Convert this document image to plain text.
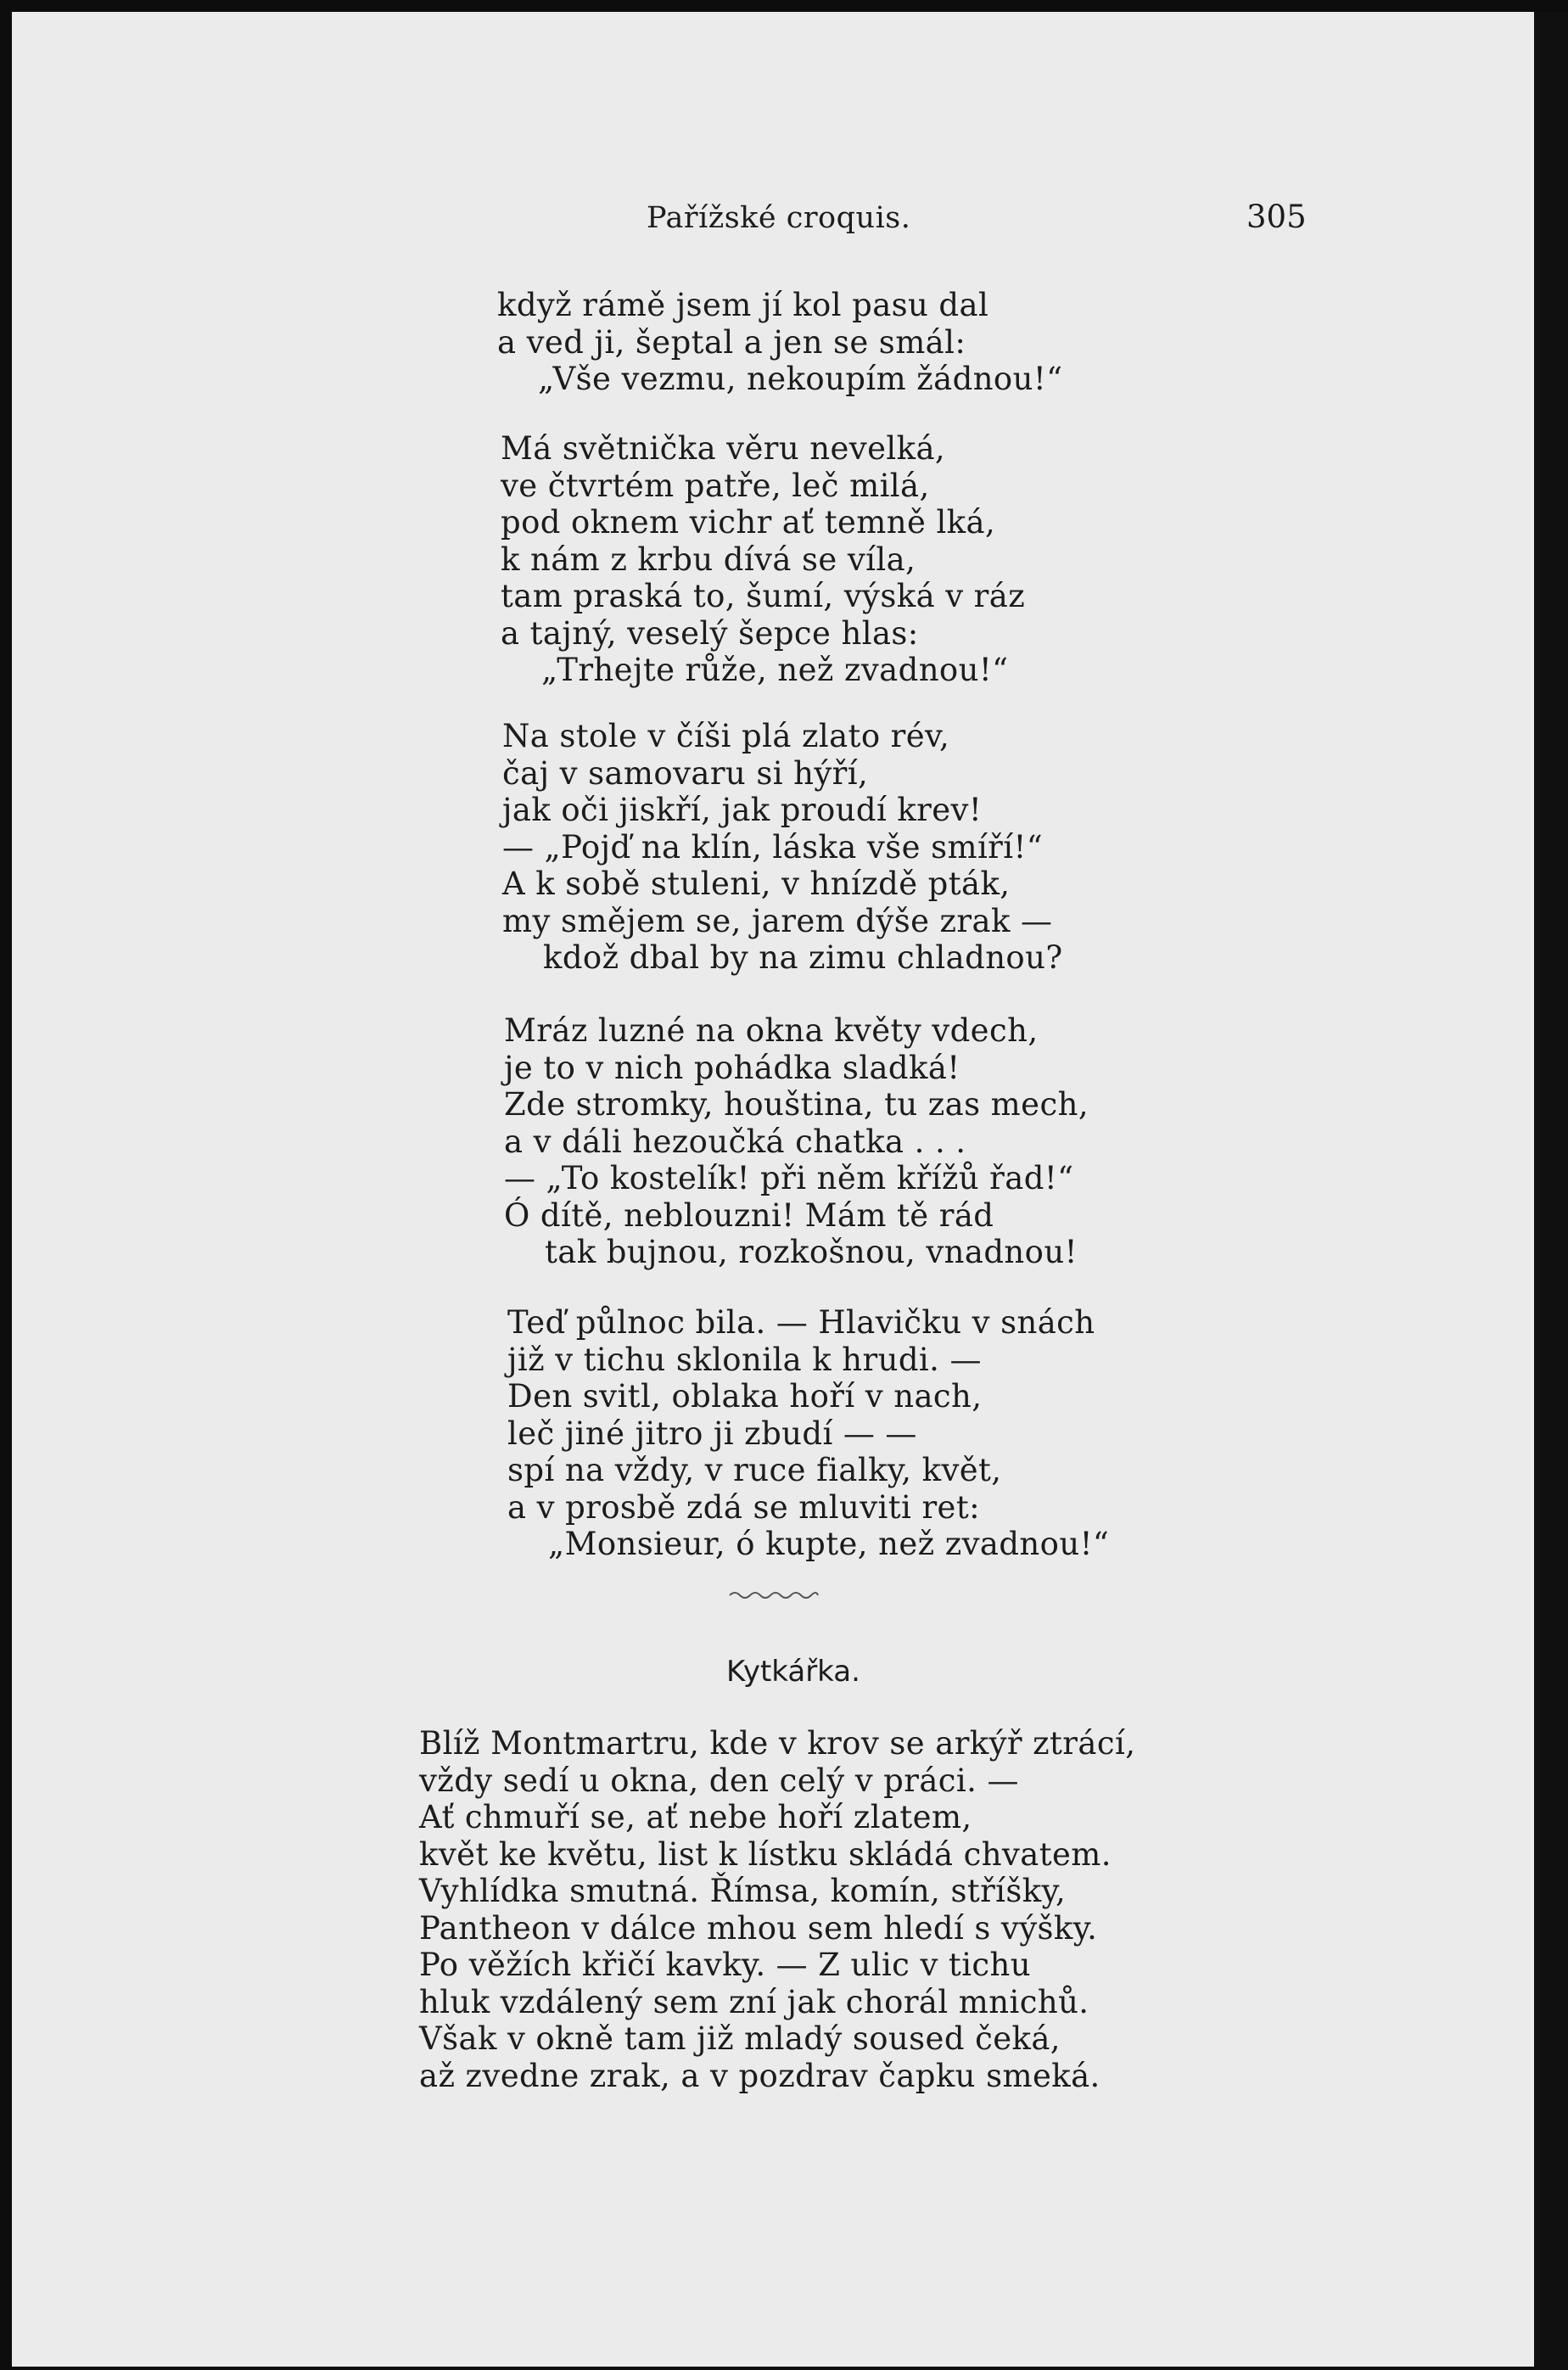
Pařížské croquis.	305
když rámě jsem jí kol pasu dal
a ved ji, šeptal a jen se smál:
„Vše vezmu, nekoupím žádnou!“
Má světnička věru nevelká,
ve čtvrtém patře, leč milá,
pod oknem vichr ať temně lká,
k nám z krbu dívá se víla,
tam praská to, šumí, výská v ráz
a tajný, veselý šepce hlas:
„Trhejte růže, než zvadnou!“
Na stole v číši plá zlato rév,
čaj v samovaru si hýří,
jak oči jiskří, jak proudí krev!
— „Pojď na klín, láska vše smíří!“
A k sobě stuleni, v hnízdě pták,
my smějem se, jarem dýše zrak —
kdož dbal by na zimu chladnou?
Mráz luzné na okna květy vdech,
je to v nich pohádka sladká!
Zde stromky, houština, tu zas mech,
a v dáli hezoučká chatka . . .
— „To kostelík! při něm křížů řad!“
Ó dítě, neblouzni! Mám tě rád
tak bujnou, rozkošnou, vnadnou!
Teď půlnoc bila. — Hlavičku v snách
již v tichu sklonila k hrudi. —
Den svitl, oblaka hoří v nach,
leč jiné jitro ji zbudí — —
spí na vždy, v ruce fialky, květ,
a v prosbě zdá se mluviti ret:
„Monsieur, ó kupte, než zvadnou!“
Kytkářka.
Blíž Montmartru, kde v krov se arkýř ztrácí,
vždy sedí u okna, den celý v práci. —
Ať chmuří se, ať nebe hoří zlatem,
květ ke květu, list k lístku skládá chvatem.
Vyhlídka smutná. Římsa, komín, stříšky,
Pantheon v dálce mhou sem hledí s výšky.
Po věžích křičí kavky. — Z ulic v tichu
hluk vzdálený sem zní jak chorál mnichů.
Však v okně tam již mladý soused čeká,
až zvedne zrak, a v pozdrav čapku smeká.
